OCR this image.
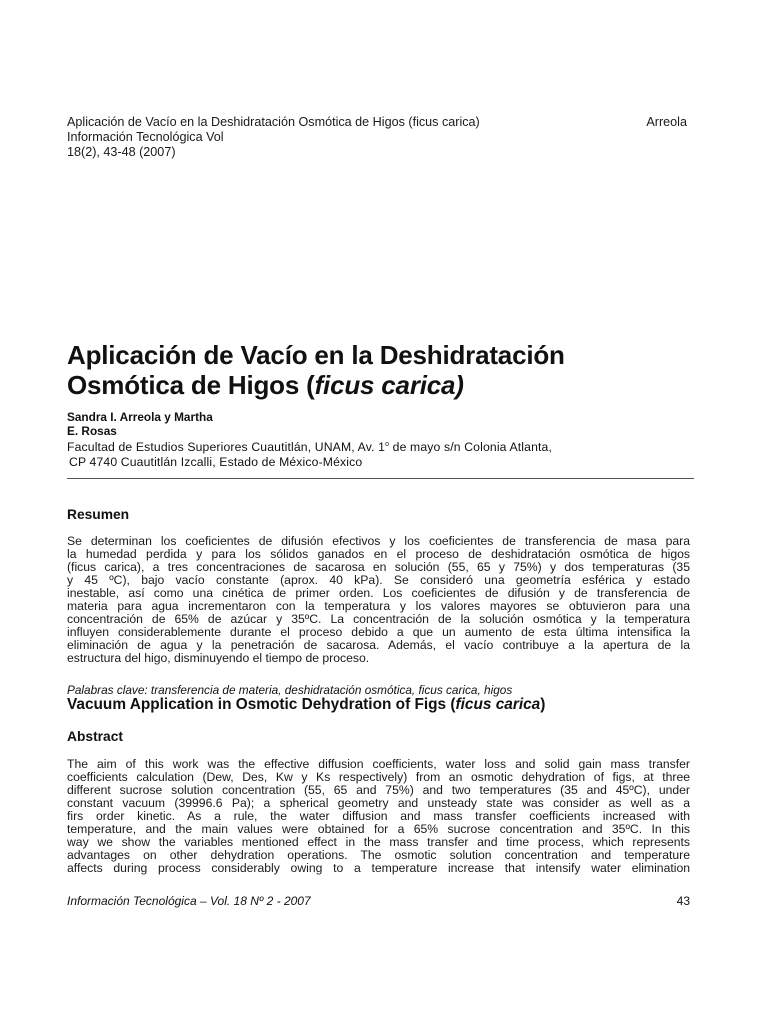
Aplicación de Vacío en la Deshidratación Osmótica de Higos (ficus carica)	Arreola
Información Tecnológica Vol
18(2), 43-48 (2007)
Aplicación de Vacío en la Deshidratación
Osmótica de Higos (ficus carica)
Sandra I. Arreola y Martha
E. Rosas
Facultad de Estudios Superiores Cuautitlán, UNAM, Av. 1$^o$ de mayo s/n Colonia Atlanta,
CP 4740 Cuautitlán Izcalli, Estado de México-México
Resumen
Se determinan los coeficientes de difusión efectivos y los coeficientes de transferencia de masa para
la humedad perdida y para los sólidos ganados en el proceso de deshidratación osmótica de higos
(ficus carica), a tres concentraciones de sacarosa en solución (55, 65 y 75%) y dos temperaturas (35
y 45 ºC), bajo vacío constante (aprox. 40 kPa). Se consideró una geometría esférica y estado
inestable, así como una cinética de primer orden. Los coeficientes de difusión y de transferencia de
materia para agua incrementaron con la temperatura y los valores mayores se obtuvieron para una
concentración de 65% de azúcar y 35ºC. La concentración de la solución osmótica y la temperatura
influyen considerablemente durante el proceso debido a que un aumento de esta última intensifica la
eliminación de agua y la penetración de sacarosa. Además, el vacío contribuye a la apertura de la
estructura del higo, disminuyendo el tiempo de proceso.
Palabras clave: transferencia de materia, deshidratación osmótica, ficus carica, higos
Vacuum Application in Osmotic Dehydration of Figs (ficus carica)
Abstract
The aim of this work was the effective diffusion coefficients, water loss and solid gain mass transfer
coefficients calculation (Dew, Des, Kw y Ks respectively) from an osmotic dehydration of figs, at three
different sucrose solution concentration (55, 65 and 75%) and two temperatures (35 and 45ºC), under
constant vacuum (39996.6 Pa); a spherical geometry and unsteady state was consider as well as a
firs order kinetic. As a rule, the water diffusion and mass transfer coefficients increased with
temperature, and the main values were obtained for a 65% sucrose concentration and 35ºC. In this
way we show the variables mentioned effect in the mass transfer and time process, which represents
advantages on other dehydration operations. The osmotic solution concentration and temperature
affects during process considerably owing to a temperature increase that intensify water elimination
Información Tecnológica – Vol. 18 Nº 2 - 2007	43
